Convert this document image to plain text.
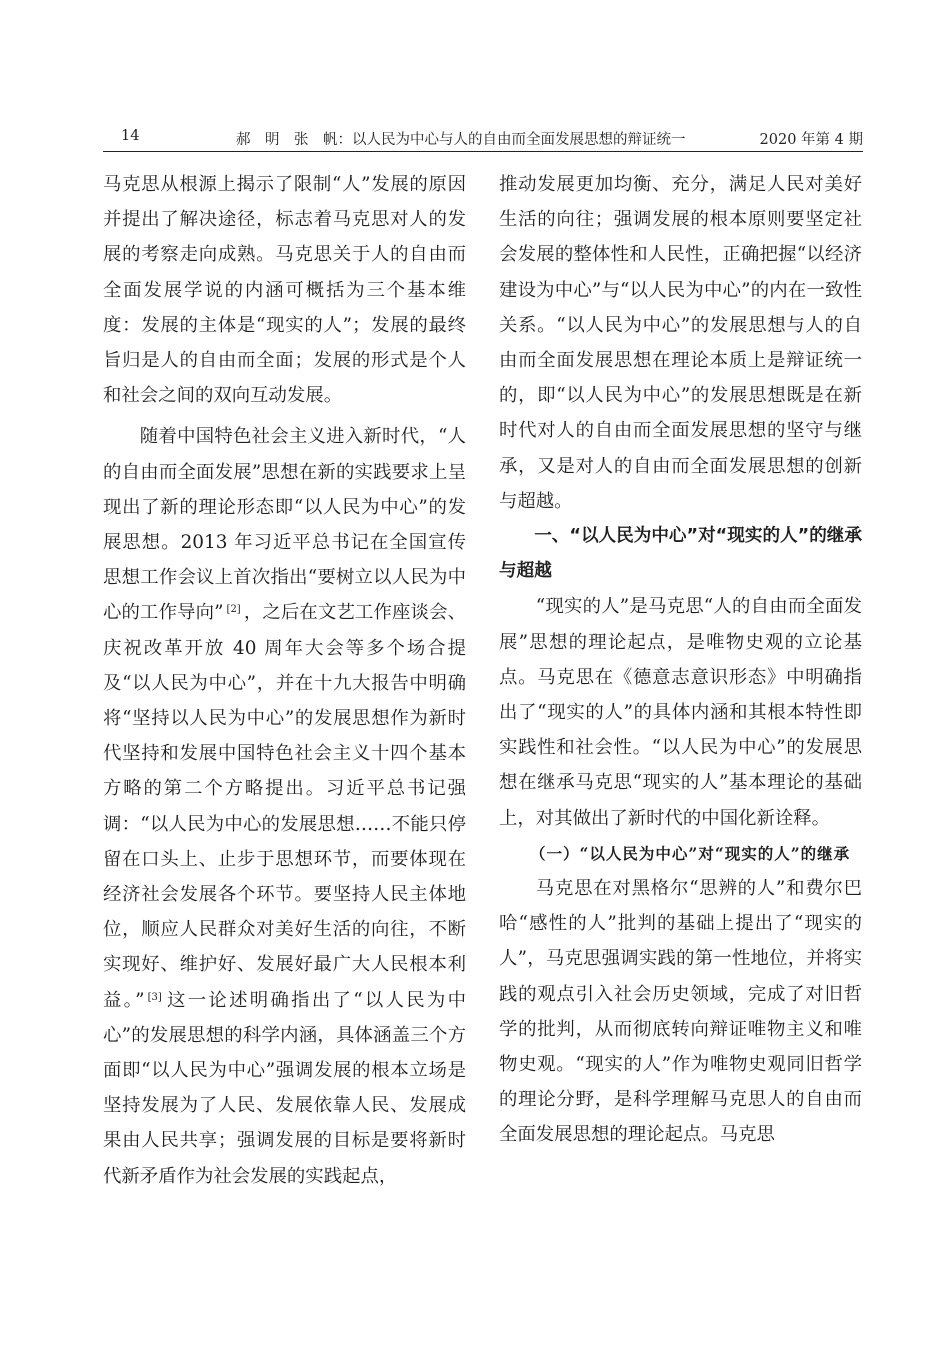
14	郝　明　张　帆：以人民为中心与人的自由而全面发展思想的辩证统一	2020 年第 4 期

马克思从根源上揭示了限制“人”发展的原因并提出了解决途径，标志着马克思对人的发展的考察走向成熟。马克思关于人的自由而全面发展学说的内涵可概括为三个基本维度：发展的主体是“现实的人”；发展的最终旨归是人的自由而全面；发展的形式是个人和社会之间的双向互动发展。

随着中国特色社会主义进入新时代，“人的自由而全面发展”思想在新的实践要求上呈现出了新的理论形态即“以人民为中心”的发展思想。2013 年习近平总书记在全国宣传思想工作会议上首次指出“要树立以人民为中心的工作导向” [2] ，之后在文艺工作座谈会、庆祝改革开放 40 周年大会等多个场合提及“以人民为中心”，并在十九大报告中明确将“坚持以人民为中心”的发展思想作为新时代坚持和发展中国特色社会主义十四个基本方略的第二个方略提出。习近平总书记强调：“以人民为中心的发展思想……不能只停留在口头上、止步于思想环节，而要体现在经济社会发展各个环节。要坚持人民主体地位，顺应人民群众对美好生活的向往，不断实现好、维护好、发展好最广大人民根本利益。” [3] 这一论述明确指出了“以人民为中心”的发展思想的科学内涵，具体涵盖三个方面即“以人民为中心”强调发展的根本立场是坚持发展为了人民、发展依靠人民、发展成果由人民共享；强调发展的目标是要将新时代新矛盾作为社会发展的实践起点，

推动发展更加均衡、充分，满足人民对美好生活的向往；强调发展的根本原则要坚定社会发展的整体性和人民性，正确把握“以经济建设为中心”与“以人民为中心”的内在一致性关系。“以人民为中心”的发展思想与人的自由而全面发展思想在理论本质上是辩证统一的，即“以人民为中心”的发展思想既是在新时代对人的自由而全面发展思想的坚守与继承，又是对人的自由而全面发展思想的创新与超越。

一、“以人民为中心”对“现实的人”的继承与超越

“现实的人”是马克思“人的自由而全面发展”思想的理论起点，是唯物史观的立论基点。马克思在《德意志意识形态》中明确指出了“现实的人”的具体内涵和其根本特性即实践性和社会性。“以人民为中心”的发展思想在继承马克思“现实的人”基本理论的基础上，对其做出了新时代的中国化新诠释。

（一）“以人民为中心”对“现实的人”的继承

马克思在对黑格尔“思辨的人”和费尔巴哈“感性的人”批判的基础上提出了“现实的人”，马克思强调实践的第一性地位，并将实践的观点引入社会历史领域，完成了对旧哲学的批判，从而彻底转向辩证唯物主义和唯物史观。“现实的人”作为唯物史观同旧哲学的理论分野，是科学理解马克思人的自由而全面发展思想的理论起点。马克思
